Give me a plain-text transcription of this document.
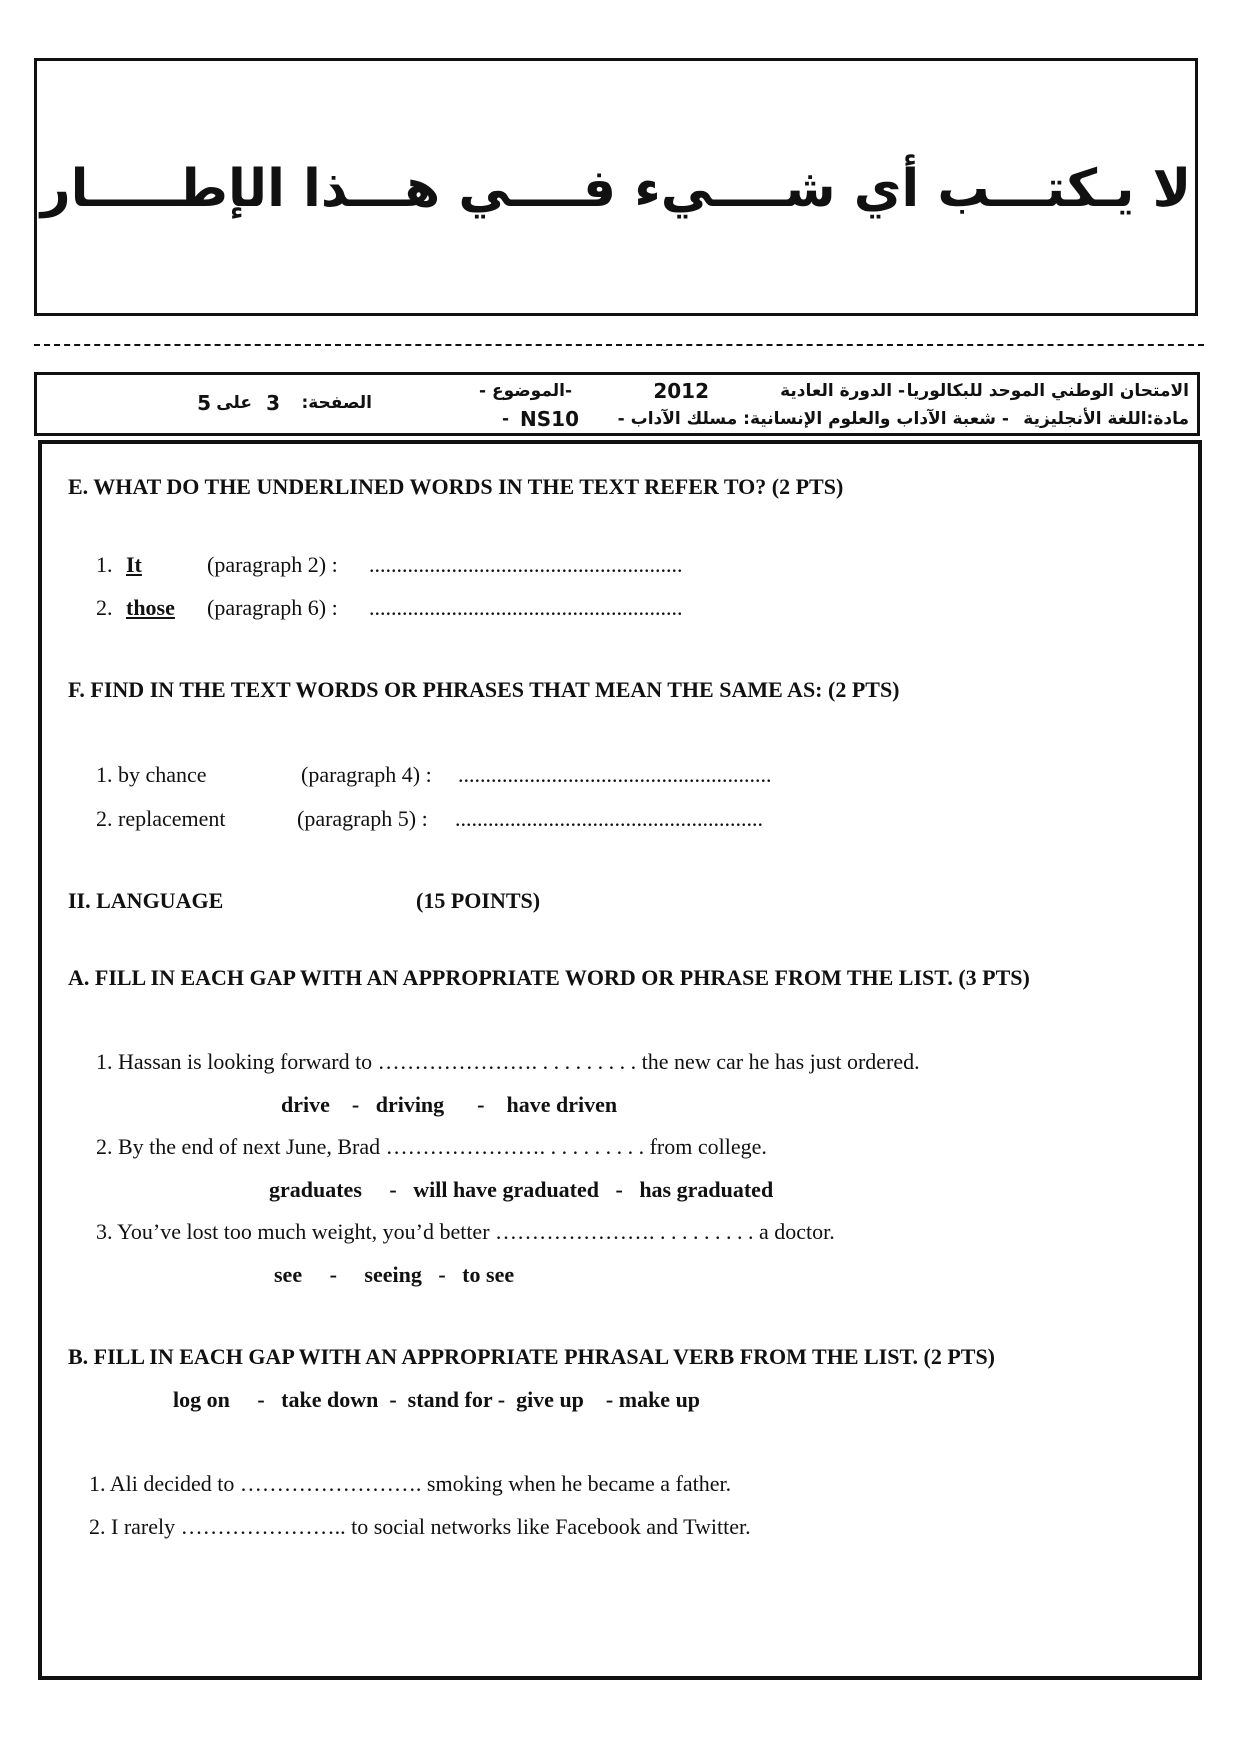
لا يـكتـــب أي شــــيء فــــي هـــذا الإطـــــار
الامتحان الوطني الموحد للبكالوريا
- الدورة العادية
2012
-الموضوع -
مادة:اللغة الأنجليزية
- شعبة الآداب والعلوم الإنسانية: مسلك الآداب -
NS10
-
الصفحة:
3
على
5
E. WHAT DO THE UNDERLINED WORDS IN THE TEXT REFER TO? (2 PTS)
1. It	(paragraph 2) : .........................................................
2. those (paragraph 6) : .........................................................
F. FIND IN THE TEXT WORDS OR PHRASES THAT MEAN THE SAME AS: (2 PTS)
1. by chance	(paragraph 4) : .........................................................
2. replacement	(paragraph 5) : ........................................................
II. LANGUAGE	(15 POINTS)
A. FILL IN EACH GAP WITH AN APPROPRIATE WORD OR PHRASE FROM THE LIST. (3 PTS)
1. Hassan is looking forward to …………………. . . . . . . . . . the new car he has just ordered.
drive    -   driving      -    have driven
2. By the end of next June, Brad …………………. . . . . . . . . . from college.
graduates     -   will have graduated   -   has graduated
3. You’ve lost too much weight, you’d better …………………. . . . . . . . . . a doctor.
see     -     seeing   -   to see
B. FILL IN EACH GAP WITH AN APPROPRIATE PHRASAL VERB FROM THE LIST. (2 PTS)
log on     -   take down  -  stand for -  give up    - make up
1. Ali decided to ……………………. smoking when he became a father.
2. I rarely ………………….. to social networks like Facebook and Twitter.
